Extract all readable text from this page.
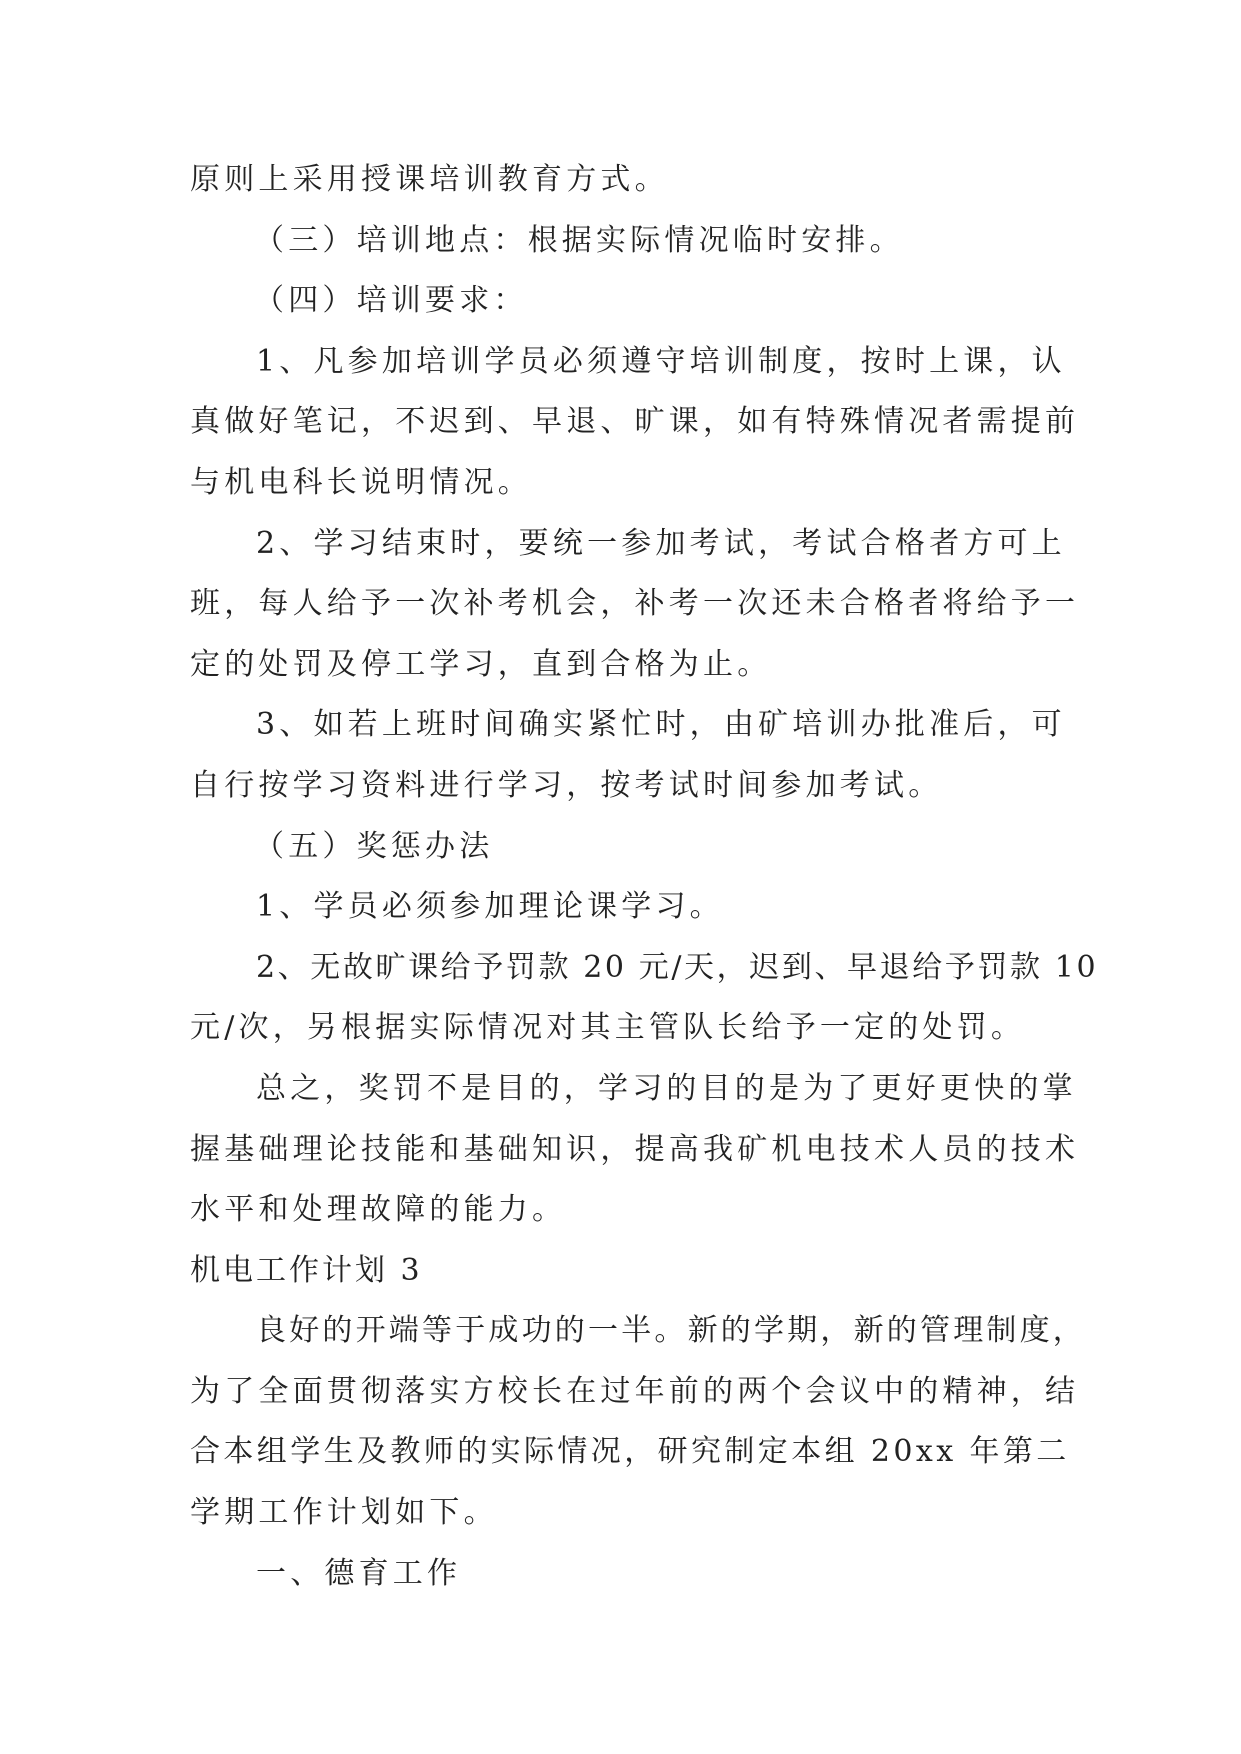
原则上采用授课培训教育方式。
（三）培训地点：根据实际情况临时安排。
（四）培训要求：
1、凡参加培训学员必须遵守培训制度，按时上课，认
真做好笔记，不迟到、早退、旷课，如有特殊情况者需提前
与机电科长说明情况。
2、学习结束时，要统一参加考试，考试合格者方可上
班，每人给予一次补考机会，补考一次还未合格者将给予一
定的处罚及停工学习，直到合格为止。
3、如若上班时间确实紧忙时，由矿培训办批准后，可
自行按学习资料进行学习，按考试时间参加考试。
（五）奖惩办法
1、学员必须参加理论课学习。
2、无故旷课给予罚款 20 元/天，迟到、早退给予罚款 10
元/次，另根据实际情况对其主管队长给予一定的处罚。
总之，奖罚不是目的，学习的目的是为了更好更快的掌
握基础理论技能和基础知识，提高我矿机电技术人员的技术
水平和处理故障的能力。
机电工作计划 3
良好的开端等于成功的一半。新的学期，新的管理制度，
为了全面贯彻落实方校长在过年前的两个会议中的精神，结
合本组学生及教师的实际情况，研究制定本组 20xx 年第二
学期工作计划如下。
一、德育工作
